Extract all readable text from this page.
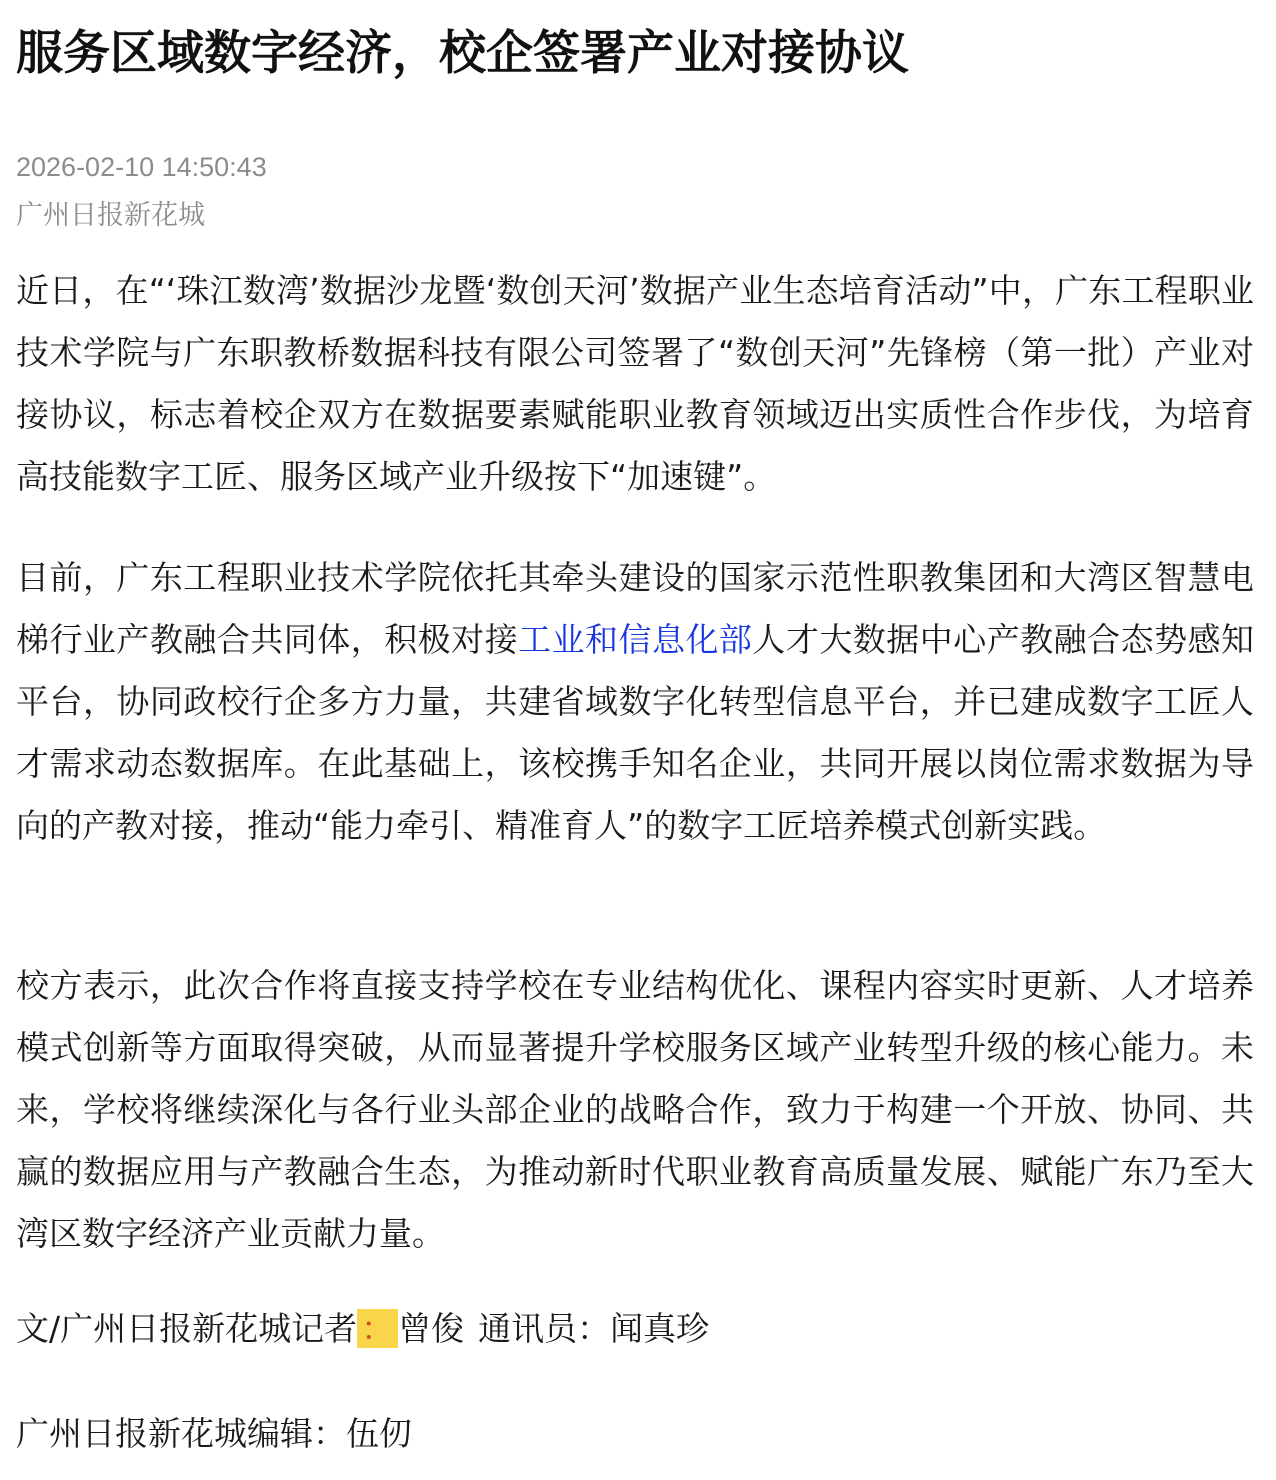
服务区域数字经济，校企签署产业对接协议
2026-02-10 14:50:43
广州日报新花城

近日，在“‘珠江数湾’数据沙龙暨‘数创天河’数据产业生态培育活动”中，广东工程职业技术学院与广东职教桥数据科技有限公司签署了“数创天河”先锋榜（第一批）产业对接协议，标志着校企双方在数据要素赋能职业教育领域迈出实质性合作步伐，为培育高技能数字工匠、服务区域产业升级按下“加速键”。

目前，广东工程职业技术学院依托其牵头建设的国家示范性职教集团和大湾区智慧电梯行业产教融合共同体，积极对接工业和信息化部人才大数据中心产教融合态势感知平台，协同政校行企多方力量，共建省域数字化转型信息平台，并已建成数字工匠人才需求动态数据库。在此基础上，该校携手知名企业，共同开展以岗位需求数据为导向的产教对接，推动“能力牵引、精准育人”的数字工匠培养模式创新实践。

校方表示，此次合作将直接支持学校在专业结构优化、课程内容实时更新、人才培养模式创新等方面取得突破，从而显著提升学校服务区域产业转型升级的核心能力。未来，学校将继续深化与各行业头部企业的战略合作，致力于构建一个开放、协同、共赢的数据应用与产教融合生态，为推动新时代职业教育高质量发展、赋能广东乃至大湾区数字经济产业贡献力量。

文/广州日报新花城记者 ： 曾俊 通讯员：闻真珍

广州日报新花城编辑：伍仞
